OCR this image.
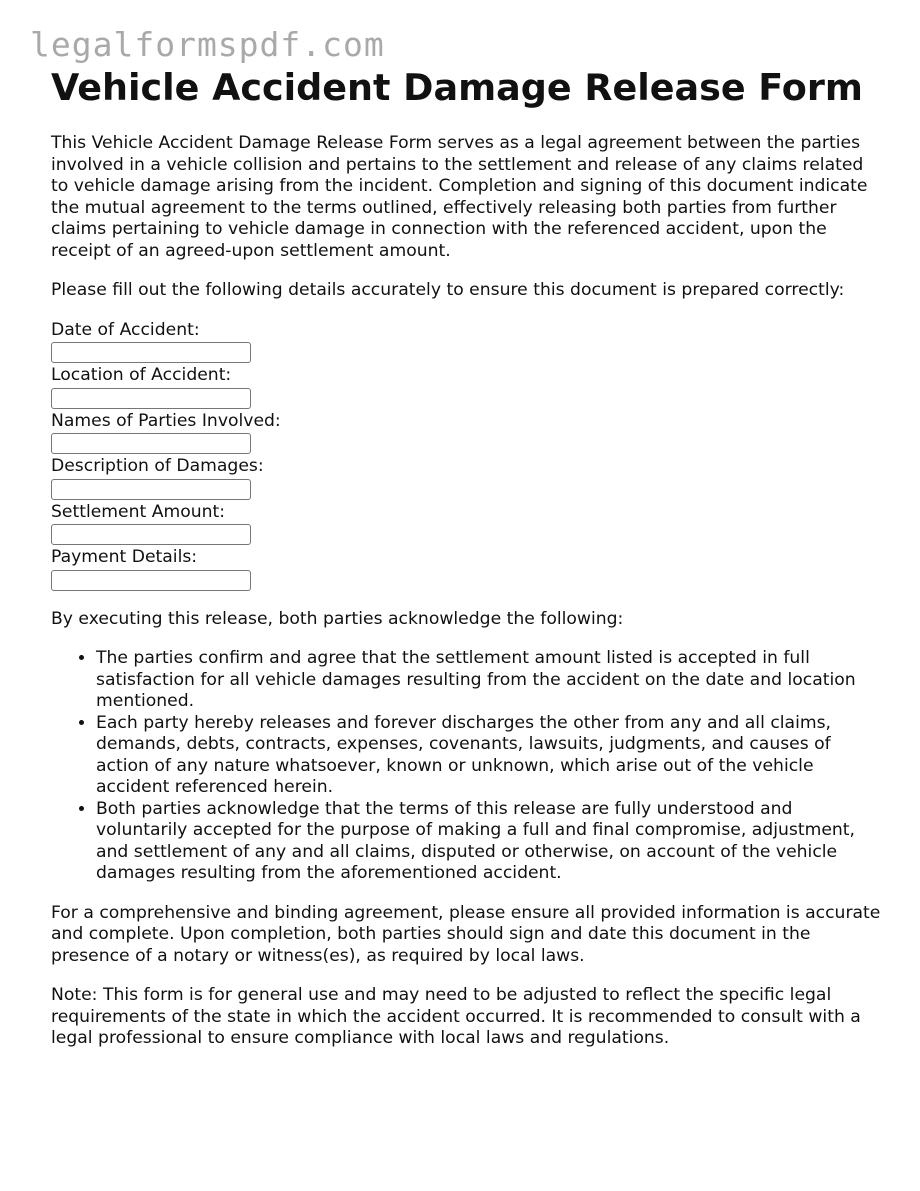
legalformspdf.com
Vehicle Accident Damage Release Form

This Vehicle Accident Damage Release Form serves as a legal agreement between the parties involved in a vehicle collision and pertains to the settlement and release of any claims related to vehicle damage arising from the incident. Completion and signing of this document indicate the mutual agreement to the terms outlined, effectively releasing both parties from further claims pertaining to vehicle damage in connection with the referenced accident, upon the receipt of an agreed-upon settlement amount.

Please fill out the following details accurately to ensure this document is prepared correctly:

Date of Accident:
Location of Accident:
Names of Parties Involved:
Description of Damages:
Settlement Amount:
Payment Details:

By executing this release, both parties acknowledge the following:

• The parties confirm and agree that the settlement amount listed is accepted in full satisfaction for all vehicle damages resulting from the accident on the date and location mentioned.
• Each party hereby releases and forever discharges the other from any and all claims, demands, debts, contracts, expenses, covenants, lawsuits, judgments, and causes of action of any nature whatsoever, known or unknown, which arise out of the vehicle accident referenced herein.
• Both parties acknowledge that the terms of this release are fully understood and voluntarily accepted for the purpose of making a full and final compromise, adjustment, and settlement of any and all claims, disputed or otherwise, on account of the vehicle damages resulting from the aforementioned accident.

For a comprehensive and binding agreement, please ensure all provided information is accurate and complete. Upon completion, both parties should sign and date this document in the presence of a notary or witness(es), as required by local laws.

Note: This form is for general use and may need to be adjusted to reflect the specific legal requirements of the state in which the accident occurred. It is recommended to consult with a legal professional to ensure compliance with local laws and regulations.
